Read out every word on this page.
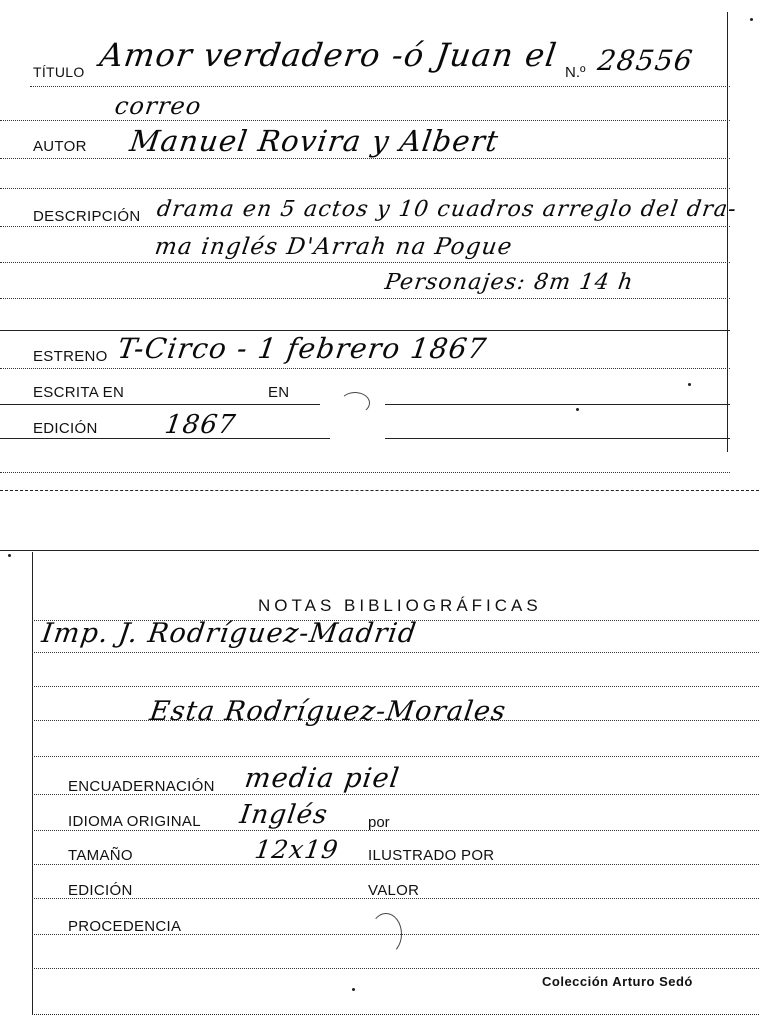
TÍTULO Amor verdadero -ó Juan el N.º 28556
correo
AUTOR Manuel Rovira y Albert
DESCRIPCIÓN drama en 5 actos y 10 cuadros arreglo del dra-
ma inglés D'Arrah na Pogue
Personajes: 8m 14 h
ESTRENO T-Circo - 1 febrero 1867
ESCRITA EN	EN
EDICIÓN	1867
NOTAS BIBLIOGRÁFICAS
Imp. J. Rodríguez-Madrid
Esta Rodríguez-Morales
ENCUADERNACIÓN media piel
IDIOMA ORIGINAL Inglés	por
TAMAÑO	12x19 ILUSTRADO POR
EDICIÓN	VALOR
PROCEDENCIA
Colección Arturo Sedó
